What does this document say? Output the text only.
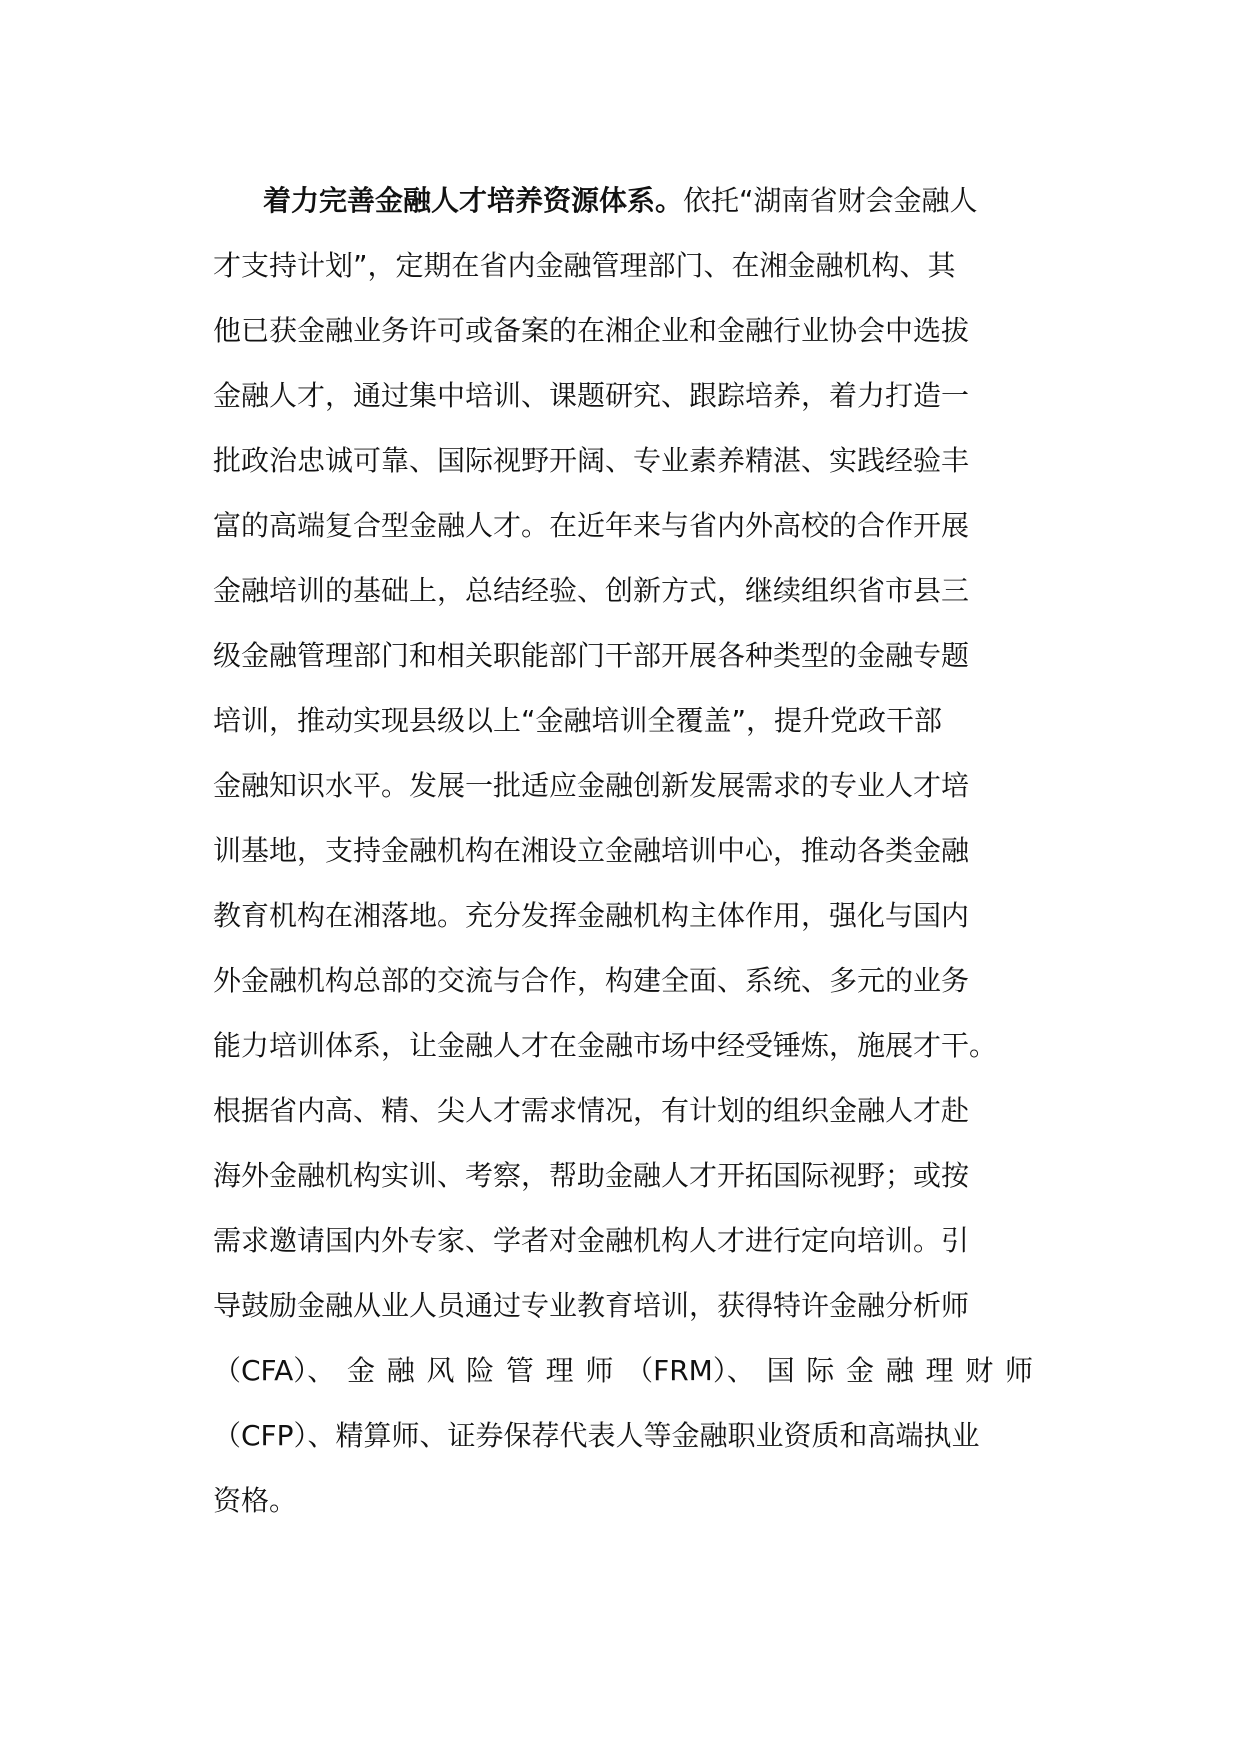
着力完善金融人才培养资源体系。依托“湖南省财会金融人
才支持计划”，定期在省内金融管理部门、在湘金融机构、其
他已获金融业务许可或备案的在湘企业和金融行业协会中选拔
金融人才，通过集中培训、课题研究、跟踪培养，着力打造一
批政治忠诚可靠、国际视野开阔、专业素养精湛、实践经验丰
富的高端复合型金融人才。在近年来与省内外高校的合作开展
金融培训的基础上，总结经验、创新方式，继续组织省市县三
级金融管理部门和相关职能部门干部开展各种类型的金融专题
培训，推动实现县级以上“金融培训全覆盖”，提升党政干部
金融知识水平。发展一批适应金融创新发展需求的专业人才培
训基地，支持金融机构在湘设立金融培训中心，推动各类金融
教育机构在湘落地。充分发挥金融机构主体作用，强化与国内
外金融机构总部的交流与合作，构建全面、系统、多元的业务
能力培训体系，让金融人才在金融市场中经受锤炼，施展才干。
根据省内高、精、尖人才需求情况，有计划的组织金融人才赴
海外金融机构实训、考察，帮助金融人才开拓国际视野；或按
需求邀请国内外专家、学者对金融机构人才进行定向培训。引
导鼓励金融从业人员通过专业教育培训，获得特许金融分析师
（CFA）、 金 融 风 险 管 理 师 （FRM）、 国 际 金 融 理 财 师
（CFP）、精算师、证券保荐代表人等金融职业资质和高端执业
资格。
